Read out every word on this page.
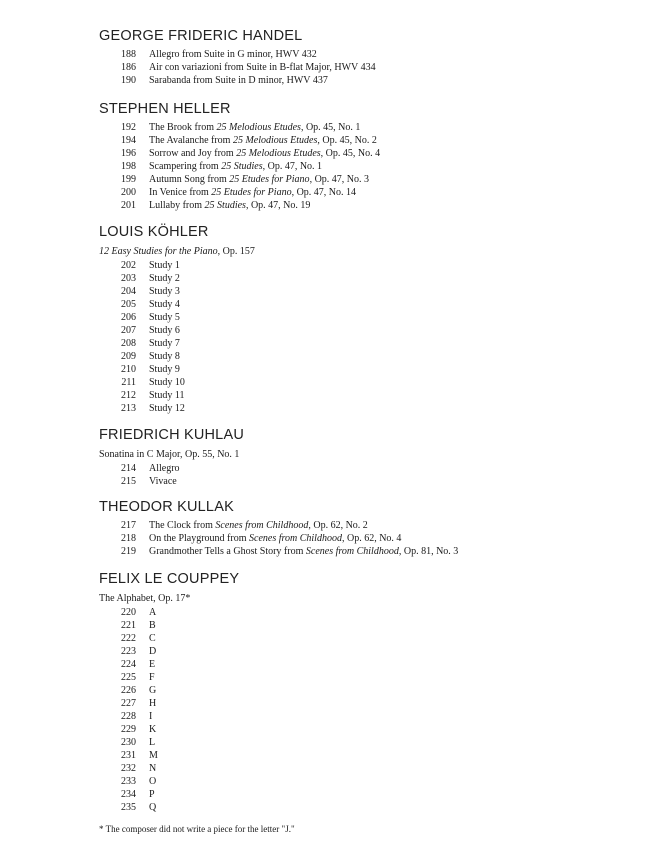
GEORGE FRIDERIC HANDEL
188 Allegro from Suite in G minor, HWV 432
186 Air con variazioni from Suite in B-flat Major, HWV 434
190 Sarabanda from Suite in D minor, HWV 437
STEPHEN HELLER
192 The Brook from 25 Melodious Etudes, Op. 45, No. 1
194 The Avalanche from 25 Melodious Etudes, Op. 45, No. 2
196 Sorrow and Joy from 25 Melodious Etudes, Op. 45, No. 4
198 Scampering from 25 Studies, Op. 47, No. 1
199 Autumn Song from 25 Etudes for Piano, Op. 47, No. 3
200 In Venice from 25 Etudes for Piano, Op. 47, No. 14
201 Lullaby from 25 Studies, Op. 47, No. 19
LOUIS KÖHLER
12 Easy Studies for the Piano, Op. 157
202 Study 1
203 Study 2
204 Study 3
205 Study 4
206 Study 5
207 Study 6
208 Study 7
209 Study 8
210 Study 9
211 Study 10
212 Study 11
213 Study 12
FRIEDRICH KUHLAU
Sonatina in C Major, Op. 55, No. 1
214 Allegro
215 Vivace
THEODOR KULLAK
217 The Clock from Scenes from Childhood, Op. 62, No. 2
218 On the Playground from Scenes from Childhood, Op. 62, No. 4
219 Grandmother Tells a Ghost Story from Scenes from Childhood, Op. 81, No. 3
FELIX LE COUPPEY
The Alphabet, Op. 17*
220 A
221 B
222 C
223 D
224 E
225 F
226 G
227 H
228 I
229 K
230 L
231 M
232 N
233 O
234 P
235 Q
* The composer did not write a piece for the letter "J."
